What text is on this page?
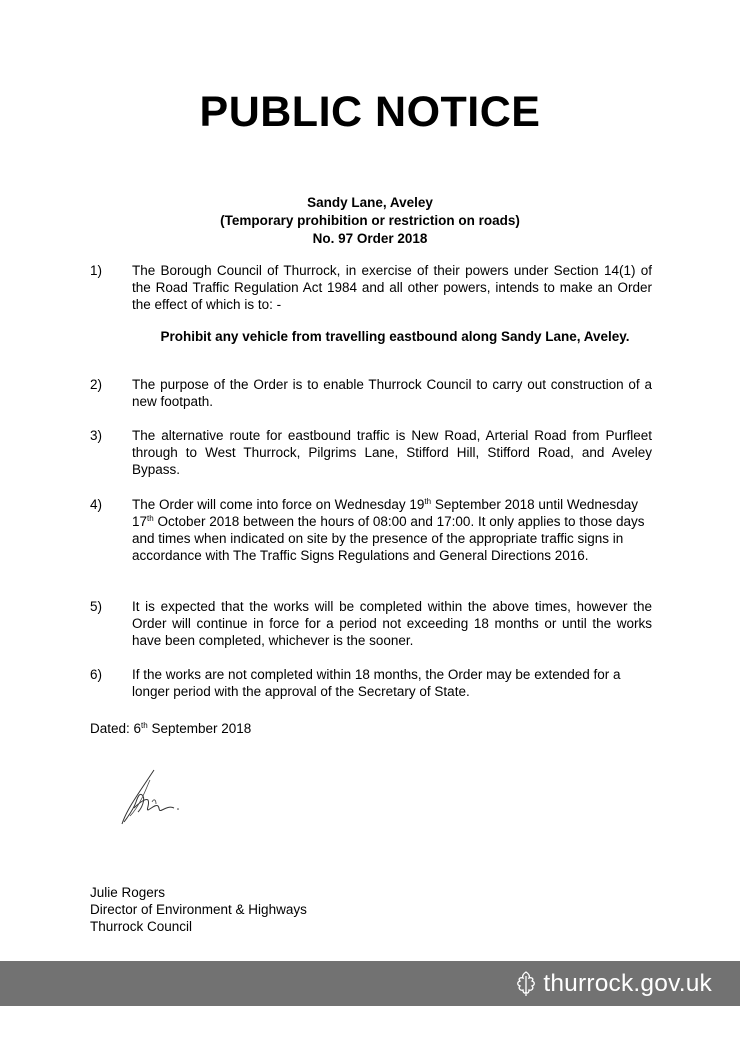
PUBLIC NOTICE
Sandy Lane, Aveley
(Temporary prohibition or restriction on roads)
No. 97 Order 2018
1)	The Borough Council of Thurrock, in exercise of their powers under Section 14(1) of the Road Traffic Regulation Act 1984 and all other powers, intends to make an Order the effect of which is to: -
Prohibit any vehicle from travelling eastbound along Sandy Lane, Aveley.
2)	The purpose of the Order is to enable Thurrock Council to carry out construction of a new footpath.
3)	The alternative route for eastbound traffic is New Road, Arterial Road from Purfleet through to West Thurrock, Pilgrims Lane, Stifford Hill, Stifford Road, and Aveley Bypass.
4)	The Order will come into force on Wednesday 19th September 2018 until Wednesday 17th October 2018 between the hours of 08:00 and 17:00. It only applies to those days and times when indicated on site by the presence of the appropriate traffic signs in accordance with The Traffic Signs Regulations and General Directions 2016.
5)	It is expected that the works will be completed within the above times, however the Order will continue in force for a period not exceeding 18 months or until the works have been completed, whichever is the sooner.
6)	If the works are not completed within 18 months, the Order may be extended for a longer period with the approval of the Secretary of State.
Dated: 6th September 2018
Julie Rogers
Director of Environment & Highways
Thurrock Council
thurrock.gov.uk
